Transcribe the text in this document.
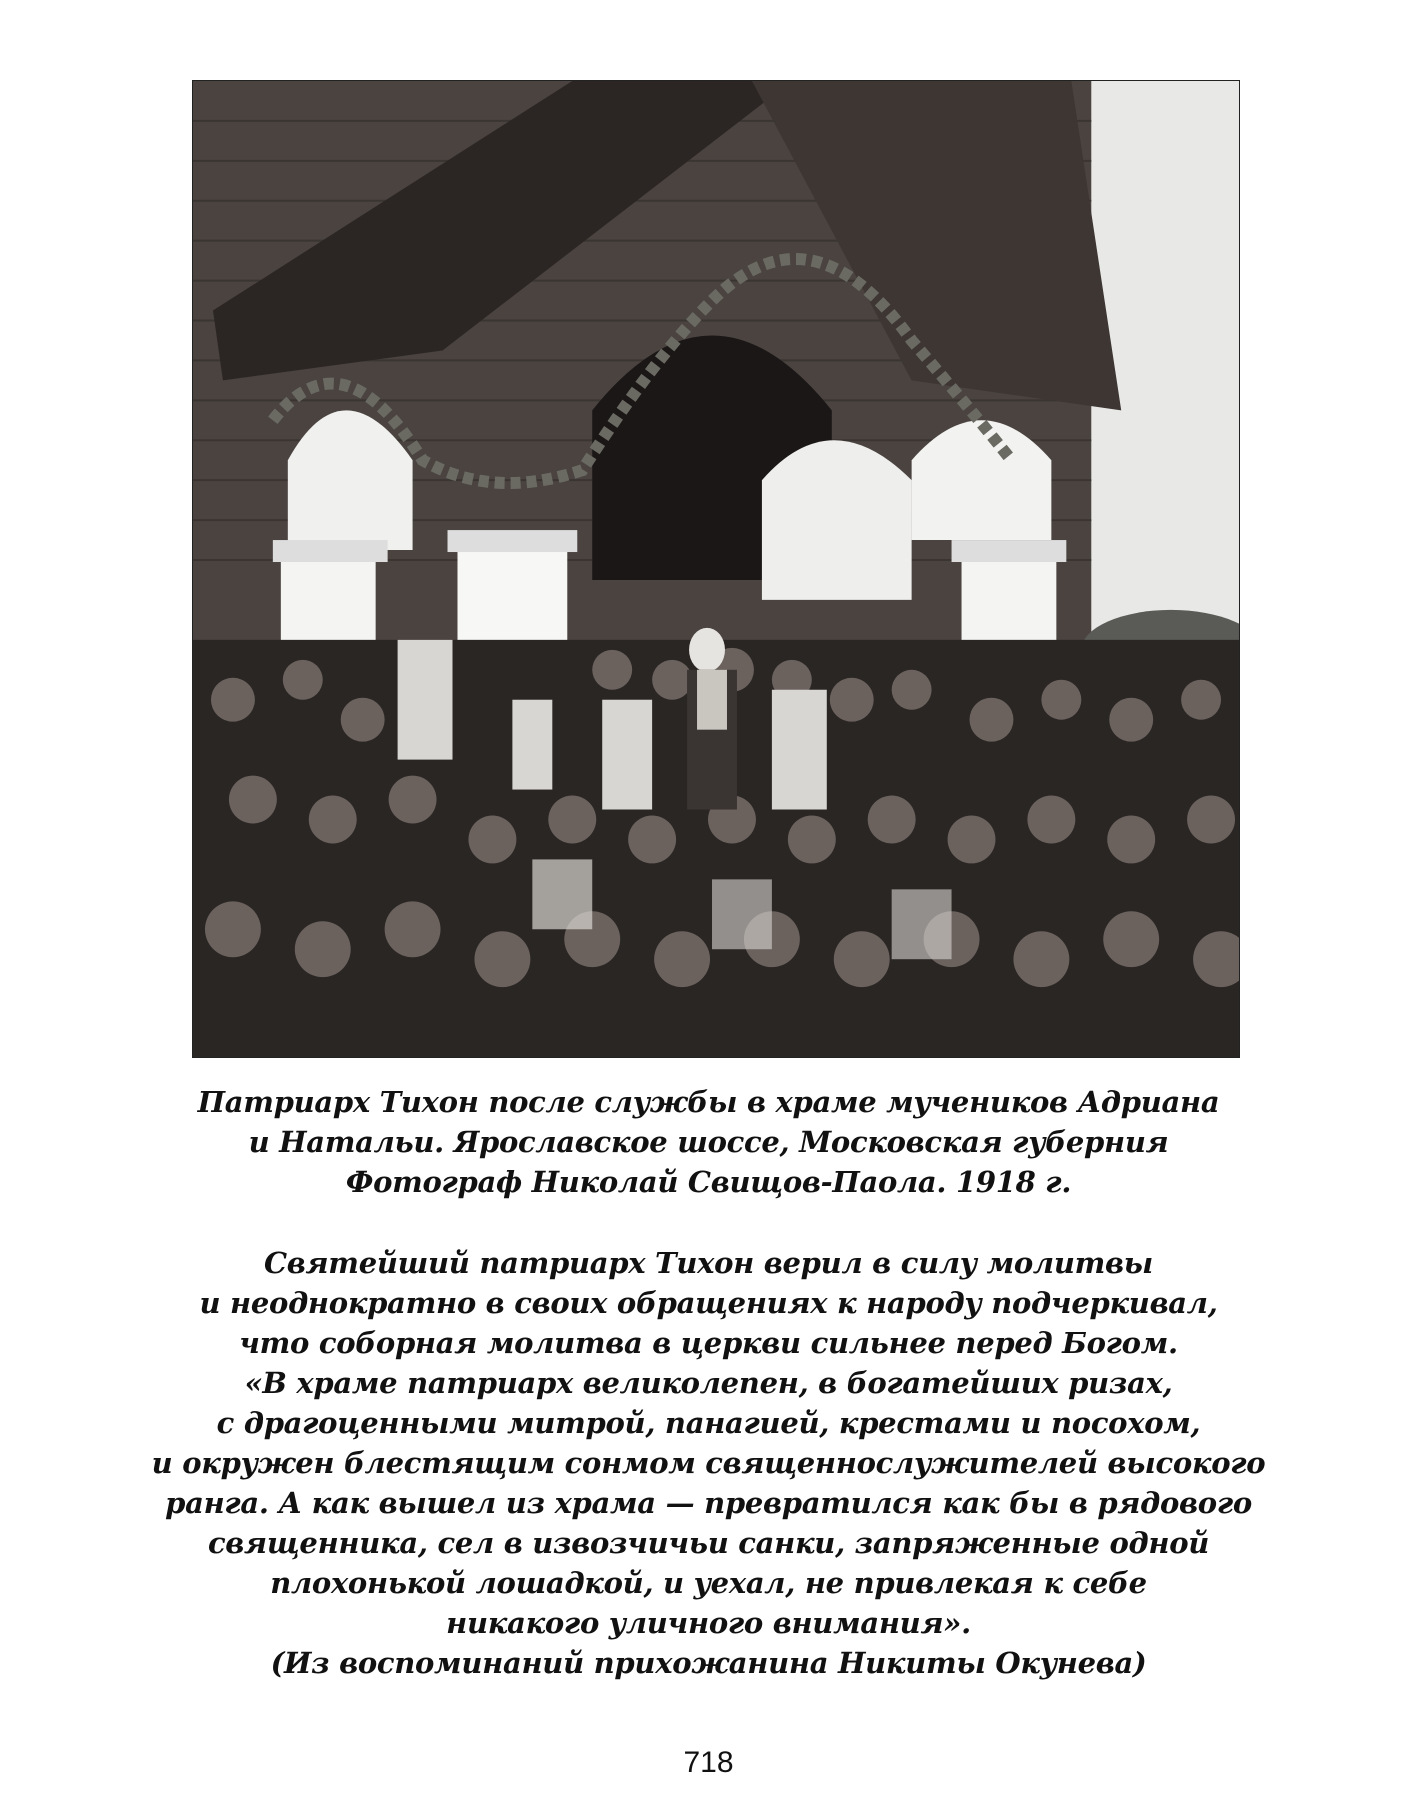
Патриарх Тихон после службы в храме мучеников Адриана
и Натальи. Ярославское шоссе, Московская губерния
Фотограф Николай Свищов-Паола. 1918 г.
Святейший патриарх Тихон верил в силу молитвы
и неоднократно в своих обращениях к народу подчеркивал,
что соборная молитва в церкви сильнее перед Богом.
«В храме патриарх великолепен, в богатейших ризах,
с драгоценными митрой, панагией, крестами и посохом,
и окружен блестящим сонмом священнослужителей высокого
ранга. А как вышел из храма — превратился как бы в рядового
священника, сел в извозчичьи санки, запряженные одной
плохонькой лошадкой, и уехал, не привлекая к себе
никакого уличного внимания».
(Из воспоминаний прихожанина Никиты Окунева)
718
